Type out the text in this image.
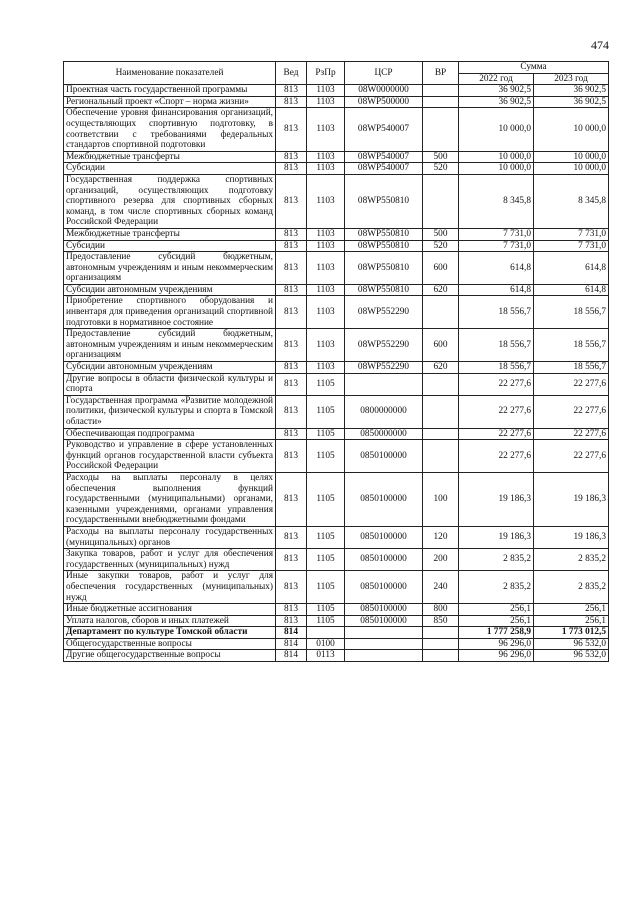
474
Наименование показателей	Вед	РзПр	ЦСР	ВР	Сумма	
					2022 год	2023 год
Проектная часть государственной программы	813	1103	08W0000000		36 902,5	36 902,5
Региональный проект «Спорт – норма жизни»	813	1103	08WP500000		36 902,5	36 902,5
Обеспечение уровня финансирования организаций, осуществляющих спортивную подготовку, в соответствии с требованиями федеральных стандартов спортивной подготовки	813	1103	08WP540007		10 000,0	10 000,0
Межбюджетные трансферты	813	1103	08WP540007	500	10 000,0	10 000,0
Субсидии	813	1103	08WP540007	520	10 000,0	10 000,0
Государственная поддержка спортивных организаций, осуществляющих подготовку спортивного резерва для спортивных сборных команд, в том числе спортивных сборных команд Российской Федерации	813	1103	08WP550810		8 345,8	8 345,8
Межбюджетные трансферты	813	1103	08WP550810	500	7 731,0	7 731,0
Субсидии	813	1103	08WP550810	520	7 731,0	7 731,0
Предоставление субсидий бюджетным, автономным учреждениям и иным некоммерческим организациям	813	1103	08WP550810	600	614,8	614,8
Субсидии автономным учреждениям	813	1103	08WP550810	620	614,8	614,8
Приобретение спортивного оборудования и инвентаря для приведения организаций спортивной подготовки в нормативное состояние	813	1103	08WP552290		18 556,7	18 556,7
Предоставление субсидий бюджетным, автономным учреждениям и иным некоммерческим организациям	813	1103	08WP552290	600	18 556,7	18 556,7
Субсидии автономным учреждениям	813	1103	08WP552290	620	18 556,7	18 556,7
Другие вопросы в области физической культуры и спорта	813	1105			22 277,6	22 277,6
Государственная программа «Развитие молодежной политики, физической культуры и спорта в Томской области»	813	1105	0800000000		22 277,6	22 277,6
Обеспечивающая подпрограмма	813	1105	0850000000		22 277,6	22 277,6
Руководство и управление в сфере установленных функций органов государственной власти субъекта Российской Федерации	813	1105	0850100000		22 277,6	22 277,6
Расходы на выплаты персоналу в целях обеспечения выполнения функций государственными (муниципальными) органами, казенными учреждениями, органами управления государственными внебюджетными фондами	813	1105	0850100000	100	19 186,3	19 186,3
Расходы на выплаты персоналу государственных (муниципальных) органов	813	1105	0850100000	120	19 186,3	19 186,3
Закупка товаров, работ и услуг для обеспечения государственных (муниципальных) нужд	813	1105	0850100000	200	2 835,2	2 835,2
Иные закупки товаров, работ и услуг для обеспечения государственных (муниципальных) нужд	813	1105	0850100000	240	2 835,2	2 835,2
Иные бюджетные ассигнования	813	1105	0850100000	800	256,1	256,1
Уплата налогов, сборов и иных платежей	813	1105	0850100000	850	256,1	256,1
Департамент по культуре Томской области	814				1 777 258,9	1 773 012,5
Общегосударственные вопросы	814	0100			96 296,0	96 532,0
Другие общегосударственные вопросы	814	0113			96 296,0	96 532,0
